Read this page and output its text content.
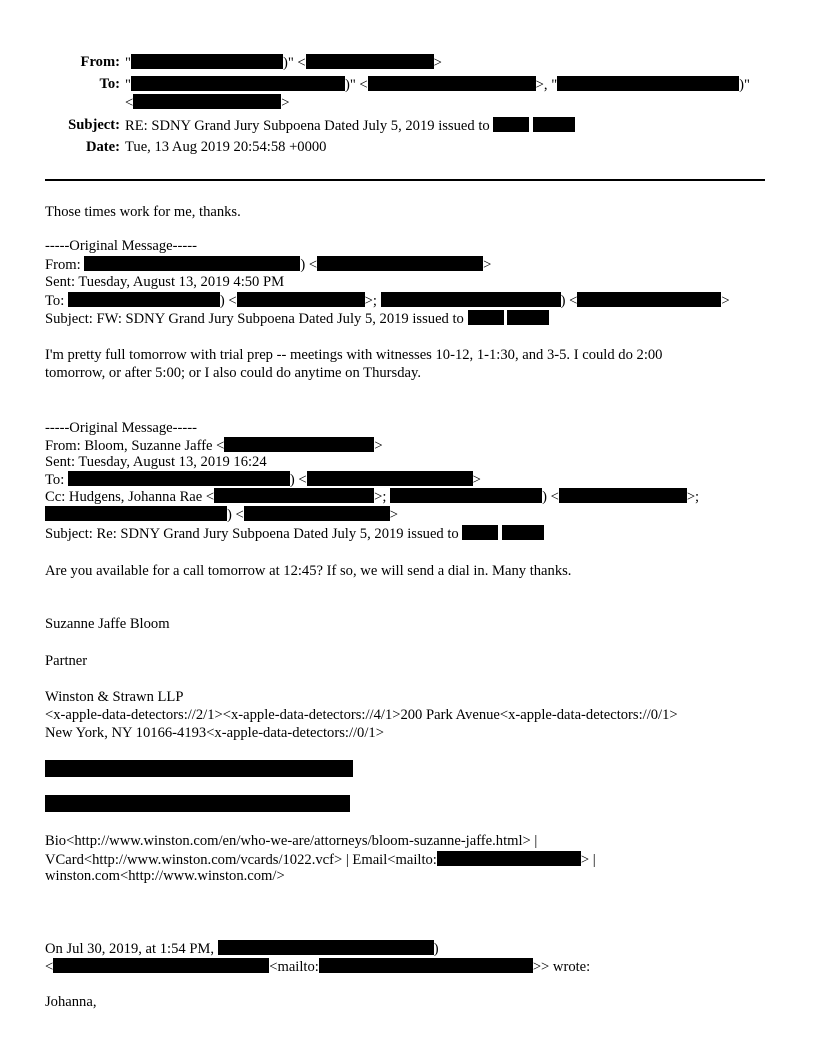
From: "	)" <	>
To: "	)" <	>, "	)"
<	>
Subject: RE: SDNY Grand Jury Subpoena Dated July 5, 2019 issued to
Date: Tue, 13 Aug 2019 20:54:58 +0000
Those times work for me, thanks.
-----Original Message-----
From:	) <	>
Sent: Tuesday, August 13, 2019 4:50 PM
To:	) <	>;	) <	>
Subject: FW: SDNY Grand Jury Subpoena Dated July 5, 2019 issued to
I'm pretty full tomorrow with trial prep -- meetings with witnesses 10-12, 1-1:30, and 3-5. I could do 2:00
tomorrow, or after 5:00; or I also could do anytime on Thursday.
-----Original Message-----
From: Bloom, Suzanne Jaffe <	>
Sent: Tuesday, August 13, 2019 16:24
To:	) <	>
Cc: Hudgens, Johanna Rae <	>;	) <	>;
) <	>
Subject: Re: SDNY Grand Jury Subpoena Dated July 5, 2019 issued to
Are you available for a call tomorrow at 12:45? If so, we will send a dial in. Many thanks.
Suzanne Jaffe Bloom
Partner
Winston & Strawn LLP
<x-apple-data-detectors://2/1><x-apple-data-detectors://4/1>200 Park Avenue<x-apple-data-detectors://0/1>
New York, NY 10166-4193<x-apple-data-detectors://0/1>
Bio<http://www.winston.com/en/who-we-are/attorneys/bloom-suzanne-jaffe.html> |
VCard<http://www.winston.com/vcards/1022.vcf> | Email<mailto:	> |
winston.com<http://www.winston.com/>
On Jul 30, 2019, at 1:54 PM,	)
<	<mailto:	>> wrote:
Johanna,
